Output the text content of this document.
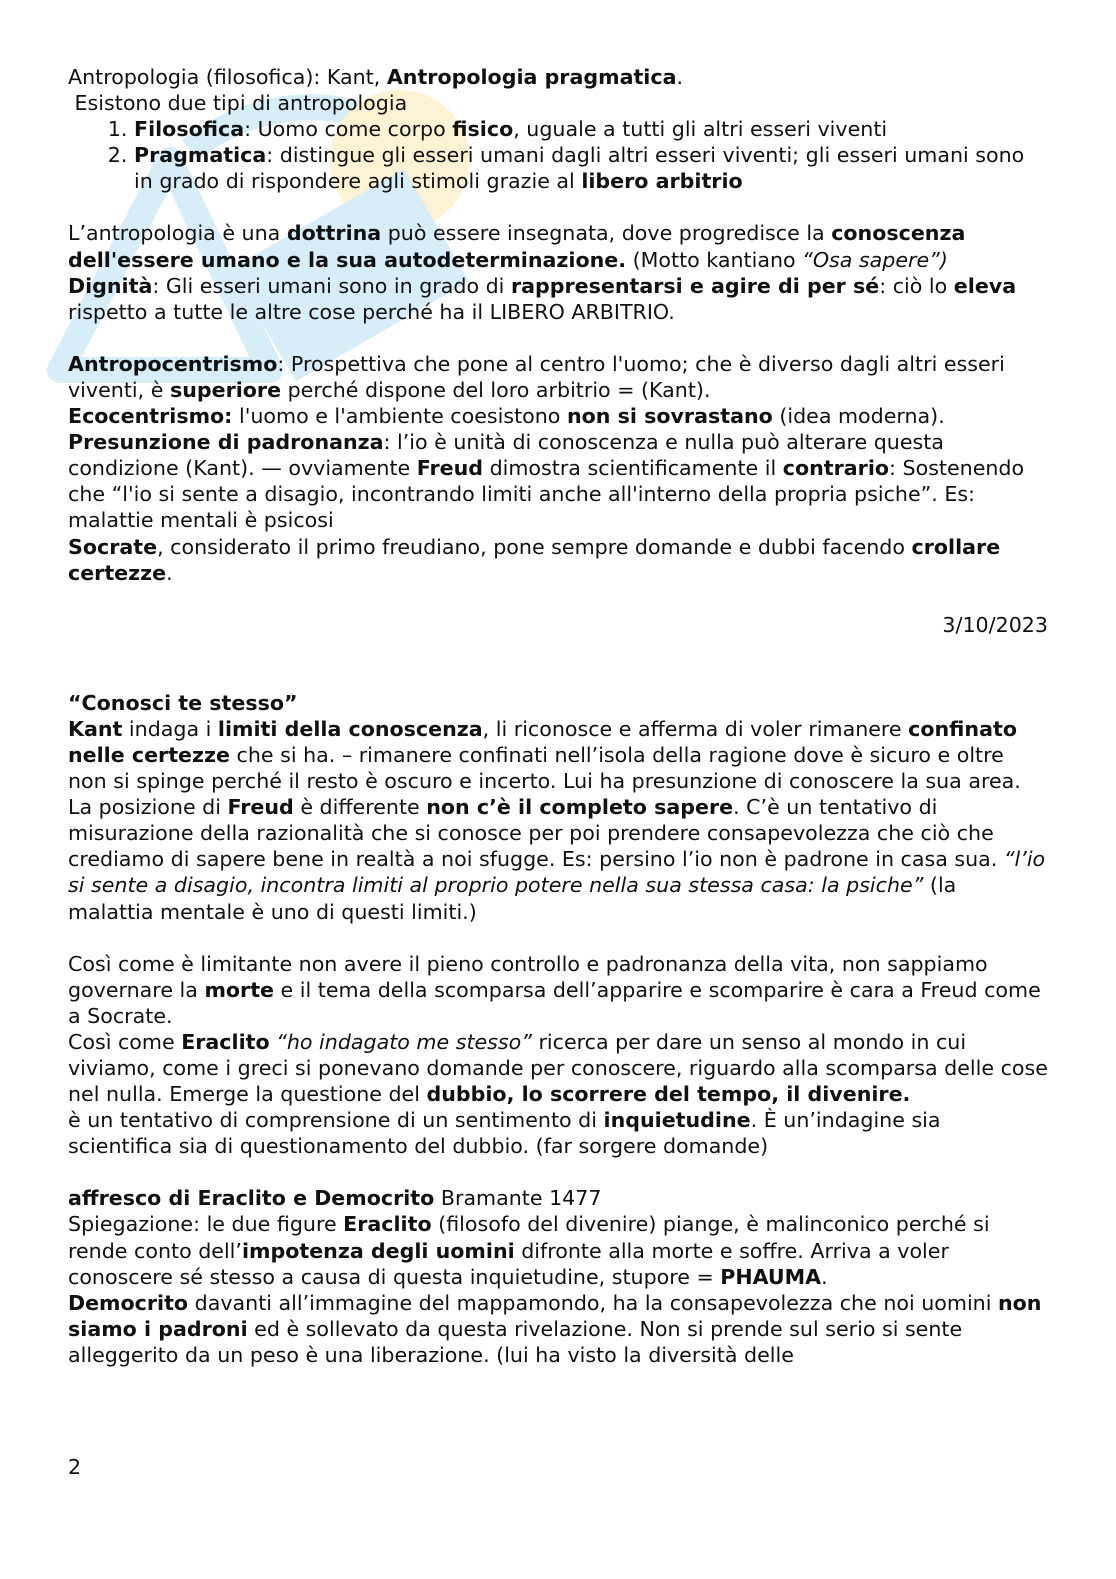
Antropologia (filosofica): Kant, Antropologia pragmatica.

Esistono due tipi di antropologia

1. Filosofica: Uomo come corpo fisico, uguale a tutti gli altri esseri viventi
2. Pragmatica: distingue gli esseri umani dagli altri esseri viventi; gli esseri umani sono in grado di rispondere agli stimoli grazie al libero arbitrio

L’antropologia è una dottrina può essere insegnata, dove progredisce la conoscenza dell'essere umano e la sua autodeterminazione. (Motto kantiano “Osa sapere”)

Dignità: Gli esseri umani sono in grado di rappresentarsi e agire di per sé: ciò lo eleva rispetto a tutte le altre cose perché ha il LIBERO ARBITRIO.

Antropocentrismo: Prospettiva che pone al centro l'uomo; che è diverso dagli altri esseri viventi, è superiore perché dispone del loro arbitrio = (Kant).

Ecocentrismo: l'uomo e l'ambiente coesistono non si sovrastano (idea moderna).

Presunzione di padronanza: l’io è unità di conoscenza e nulla può alterare questa condizione (Kant). — ovviamente Freud dimostra scientificamente il contrario: Sostenendo che “l'io si sente a disagio, incontrando limiti anche all'interno della propria psiche”. Es: malattie mentali è psicosi

Socrate, considerato il primo freudiano, pone sempre domande e dubbi facendo crollare certezze.

3/10/2023

“Conosci te stesso”

Kant indaga i limiti della conoscenza, li riconosce e afferma di voler rimanere confinato nelle certezze che si ha. – rimanere confinati nell’isola della ragione dove è sicuro e oltre non si spinge perché il resto è oscuro e incerto. Lui ha presunzione di conoscere la sua area.

La posizione di Freud è differente non c’è il completo sapere. C’è un tentativo di misurazione della razionalità che si conosce per poi prendere consapevolezza che ciò che crediamo di sapere bene in realtà a noi sfugge. Es: persino l’io non è padrone in casa sua. “l’io si sente a disagio, incontra limiti al proprio potere nella sua stessa casa: la psiche” (la malattia mentale è uno di questi limiti.)

Così come è limitante non avere il pieno controllo e padronanza della vita, non sappiamo governare la morte e il tema della scomparsa dell’apparire e scomparire è cara a Freud come a Socrate.

Così come Eraclito “ho indagato me stesso” ricerca per dare un senso al mondo in cui viviamo, come i greci si ponevano domande per conoscere, riguardo alla scomparsa delle cose nel nulla. Emerge la questione del dubbio, lo scorrere del tempo, il divenire.

è un tentativo di comprensione di un sentimento di inquietudine. È un’indagine sia scientifica sia di questionamento del dubbio. (far sorgere domande)

affresco di Eraclito e Democrito Bramante 1477

Spiegazione: le due figure Eraclito (filosofo del divenire) piange, è malinconico perché si rende conto dell’impotenza degli uomini difronte alla morte e soffre. Arriva a voler conoscere sé stesso a causa di questa inquietudine, stupore = PHAUMA.

Democrito davanti all’immagine del mappamondo, ha la consapevolezza che noi uomini non siamo i padroni ed è sollevato da questa rivelazione. Non si prende sul serio si sente alleggerito da un peso è una liberazione. (lui ha visto la diversità delle

2
